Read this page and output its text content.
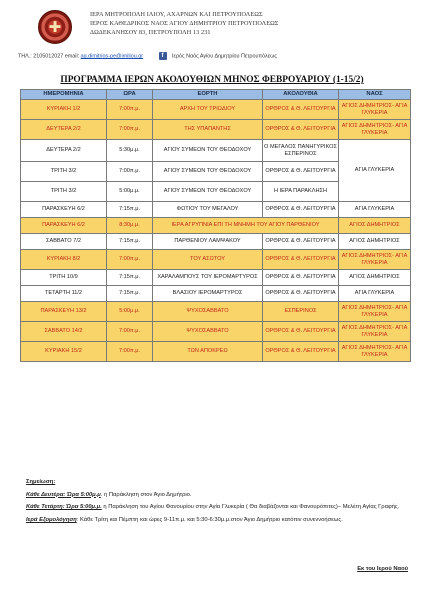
✚
ΙΕΡΑ ΜΗΤΡΟΠΟΛΗ ΙΛΙΟΥ, ΑΧΑΡΝΩΝ ΚΑΙ ΠΕΤΡΟΥΠΟΛΕΩΣ
ΙΕΡΟΣ ΚΑΘΕΔΡΙΚΟΣ ΝΑΟΣ ΑΓΙΟΥ ΔΗΜΗΤΡΙΟΥ ΠΕΤΡΟΥΠΟΛΕΩΣ
ΔΩΔΕΚΑΝΗΣΟΥ 83, ΠΕΤΡΟΥΠΟΛΗ 13 231
ΤΗΛ.: 2105012027 email: ag.dimitrios-pe@imiliou.gr	f Ιερός Ναός Αγίου Δημητρίου Πετρουπόλεως
ΠΡΟΓΡΑΜΜΑ ΙΕΡΩΝ ΑΚΟΛΟΥΘΙΩΝ ΜΗΝΟΣ ΦΕΒΡΟΥΑΡΙΟΥ (1-15/2)
ΗΜΕΡΟΜΗΝΙΑ	ΩΡΑ	ΕΟΡΤΗ	ΑΚΟΛΟΥΘΙΑ	ΝΑΟΣ
ΚΥΡΙΑΚΗ 1/2	7:00π.μ.	ΑΡΧΗ ΤΟΥ ΤΡΙΩΔΙΟΥ	ΟΡΘΡΟΣ & Θ. ΛΕΙΤΟΥΡΓΙΑ	ΑΓΙΟΣ ΔΗΜΗΤΡΙΟΣ- ΑΓΙΑ ΓΛΥΚΕΡΙΑ
ΔΕΥΤΕΡΑ 2/2	7:00π.μ.	ΤΗΣ ΥΠΑΠΑΝΤΗΣ	ΟΡΘΡΟΣ & Θ. ΛΕΙΤΟΥΡΓΙΑ	ΑΓΙΟΣ ΔΗΜΗΤΡΙΟΣ- ΑΓΙΑ ΓΛΥΚΕΡΙΑ
ΔΕΥΤΕΡΑ 2/2	5:30μ.μ.	ΑΓΙΟΥ ΣΥΜΕΩΝ ΤΟΥ ΘΕΟΔΟΧΟΥ	Ο ΜΕΓΑΛΟΣ ΠΑΝΗΓΥΡΙΚΟΣ ΕΣΠΕΡΙΝΟΣ	ΑΓΙΑ ΓΛΥΚΕΡΙΑ
ΤΡΙΤΗ 3/2	7:00π.μ.	ΑΓΙΟΥ ΣΥΜΕΩΝ ΤΟΥ ΘΕΟΔΟΧΟΥ	ΟΡΘΡΟΣ & Θ. ΛΕΙΤΟΥΡΓΙΑ	
ΤΡΙΤΗ 3/2	5:00μ.μ.	ΑΓΙΟΥ ΣΥΜΕΩΝ ΤΟΥ ΘΕΟΔΟΧΟΥ	Η ΙΕΡΑ ΠΑΡΑΚΛΗΣΗ	
ΠΑΡΑΣΚΕΥΗ 6/2	7:15π.μ.	ΦΩΤΙΟΥ ΤΟΥ ΜΕΓΑΛΟΥ	ΟΡΘΡΟΣ & Θ. ΛΕΙΤΟΥΡΓΙΑ	ΑΓΙΑ ΓΛΥΚΕΡΙΑ
ΠΑΡΑΣΚΕΥΗ 6/2	8:30μ.μ.	ΙΕΡΑ ΑΓΡΥΠΝΙΑ ΕΠΙ ΤΗ ΜΝΗΜΗ ΤΟΥ ΑΓΙΟΥ ΠΑΡΘΕΝΙΟΥ		ΑΓΙΟΣ ΔΗΜΗΤΡΙΟΣ
ΣΑΒΒΑΤΟ 7/2	7:15π.μ.	ΠΑΡΘΕΝΙΟΥ ΛΑΜΨΑΚΟΥ	ΟΡΘΡΟΣ & Θ. ΛΕΙΤΟΥΡΓΙΑ	ΑΓΙΟΣ ΔΗΜΗΤΡΙΟΣ
ΚΥΡΙΑΚΗ 8/2	7:00π.μ.	ΤΟΥ ΑΣΩΤΟΥ	ΟΡΘΡΟΣ & Θ. ΛΕΙΤΟΥΡΓΙΑ	ΑΓΙΟΣ ΔΗΜΗΤΡΙΟΣ- ΑΓΙΑ ΓΛΥΚΕΡΙΑ
ΤΡΙΤΗ 10/9	7:15π.μ.	ΧΑΡΑΛΑΜΠΟΥΣ ΤΟΥ ΙΕΡΟΜΑΡΤΥΡΟΣ	ΟΡΘΡΟΣ & Θ. ΛΕΙΤΟΥΡΓΙΑ	ΑΓΙΟΣ ΔΗΜΗΤΡΙΟΣ
ΤΕΤΑΡΤΗ 11/2	7:15π.μ.	ΒΛΑΣΙΟΥ ΙΕΡΟΜΑΡΤΥΡΟΣ	ΟΡΘΡΟΣ & Θ. ΛΕΙΤΟΥΡΓΙΑ	ΑΓΙΑ ΓΛΥΚΕΡΙΑ
ΠΑΡΑΣΚΕΥΗ 13/2	5:00μ.μ.	ΨΥΧΟΣΑΒΒΑΤΟ	ΕΣΠΕΡΙΝΟΣ	ΑΓΙΟΣ ΔΗΜΗΤΡΙΟΣ- ΑΓΙΑ ΓΛΥΚΕΡΙΑ
ΣΑΒΒΑΤΟ 14/2	7:00π.μ.	ΨΥΧΟΣΑΒΒΑΤΟ	ΟΡΘΡΟΣ & Θ. ΛΕΙΤΟΥΡΓΙΑ	ΑΓΙΟΣ ΔΗΜΗΤΡΙΟΣ- ΑΓΙΑ ΓΛΥΚΕΡΙΑ
ΚΥΡΙΑΚΗ 15/2	7:00π.μ.	ΤΩΝ ΑΠΟΚΡΕΩ	ΟΡΘΡΟΣ & Θ. ΛΕΙΤΟΥΡΓΙΑ	ΑΓΙΟΣ ΔΗΜΗΤΡΙΟΣ- ΑΓΙΑ ΓΛΥΚΕΡΙΑ

Σημείωση:

Κάθε Δευτέρα: Ώρα 5:00μ.μ. η Παράκληση στον Άγιο Δημήτριο.

Κάθε Τετάρτη: Ώρα 5:00μ.μ. η Παράκληση του Αγίου Φανουρίου στην Αγία Γλυκερία ( Θα διαβάζονται και Φανουρόπιτες)– Μελέτη Αγίας Γραφής.

Ιερά Εξομολόγηση: Κάθε Τρίτη και Πέμπτη και ώρες 9-11π.μ. και 5:30-6:30μ.μ.στον Άγιο Δημήτριο κατόπιν συνεννοήσεως.

Εκ του Ιερού Ναού
